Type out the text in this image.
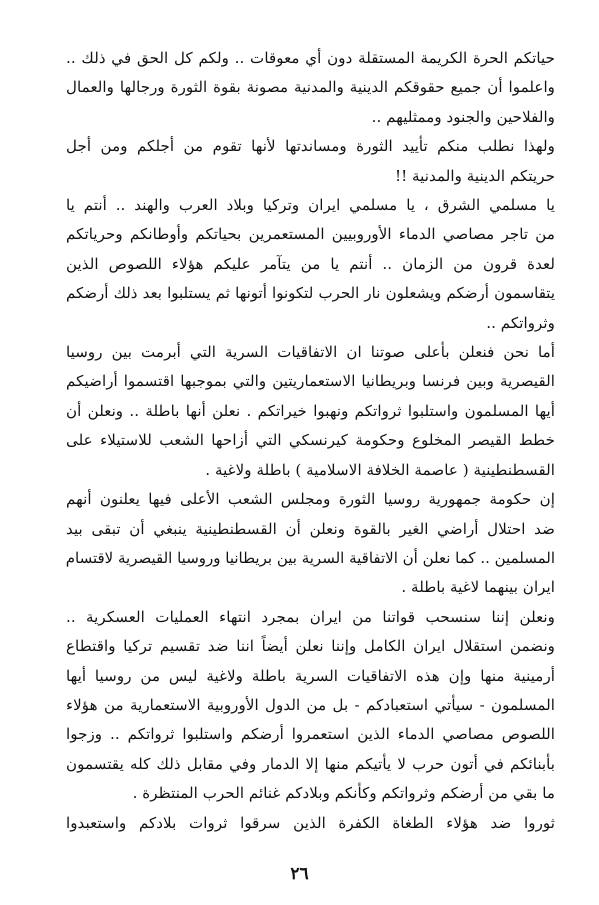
حياتكم الحرة الكريمة المستقلة دون أي معوقات .. ولكم كل الحق في ذلك ..
واعلموا أن جميع حقوقكم الدينية والمدنية مصونة بقوة الثورة ورجالها والعمال
والفلاحين والجنود وممثليهم ..
ولهذا نطلب منكم تأييد الثورة ومساندتها لأنها تقوم من أجلكم ومن أجل
حريتكم الدينية والمدنية !!
يا مسلمي الشرق ، يا مسلمي ايران وتركيا وبلاد العرب والهند .. أنتم يا
من تاجر مصاصي الدماء الأوروبيين المستعمرين بحياتكم وأوطانكم وحرياتكم
لعدة قرون من الزمان .. أنتم يا من يتآمر عليكم هؤلاء اللصوص الذين
يتقاسمون أرضكم ويشعلون نار الحرب لتكونوا أتونها ثم يستلبوا بعد ذلك أرضكم
وثرواتكم ..
أما نحن فنعلن بأعلى صوتنا ان الاتفاقيات السرية التي أبرمت بين روسيا
القيصرية وبين فرنسا وبريطانيا الاستعماريتين والتي بموجبها اقتسموا أراضيكم
أيها المسلمون واستلبوا ثرواتكم ونهبوا خيراتكم . نعلن أنها باطلة .. ونعلن أن
خطط القيصر المخلوع وحكومة كيرنسكي التي أزاحها الشعب للاستيلاء على
القسطنطينية ( عاصمة الخلافة الاسلامية ) باطلة ولاغية .
إن حكومة جمهورية روسيا الثورة ومجلس الشعب الأعلى فيها يعلنون أنهم
ضد احتلال أراضي الغير بالقوة ونعلن أن القسطنطينية ينبغي أن تبقى بيد
المسلمين .. كما نعلن أن الاتفاقية السرية بين بريطانيا وروسيا القيصرية لاقتسام
ايران بينهما لاغية باطلة .
ونعلن إننا سنسحب قواتنا من ايران بمجرد انتهاء العمليات العسكرية ..
ونضمن استقلال ايران الكامل وإننا نعلن أيضاً اننا ضد تقسيم تركيا واقتطاع
أرمينية منها وإن هذه الاتفاقيات السرية باطلة ولاغية ليس من روسيا أيها
المسلمون - سيأتي استعبادكم - بل من الدول الأوروبية الاستعمارية من هؤلاء
اللصوص مصاصي الدماء الذين استعمروا أرضكم واستلبوا ثرواتكم .. وزجوا
بأبنائكم في أتون حرب لا يأتيكم منها إلا الدمار وفي مقابل ذلك كله يقتسمون
ما بقي من أرضكم وثرواتكم وكأنكم وبلادكم غنائم الحرب المنتظرة .
ثوروا ضد هؤلاء الطغاة الكفرة الذين سرقوا ثروات بلادكم واستعبدوا
٢٦
